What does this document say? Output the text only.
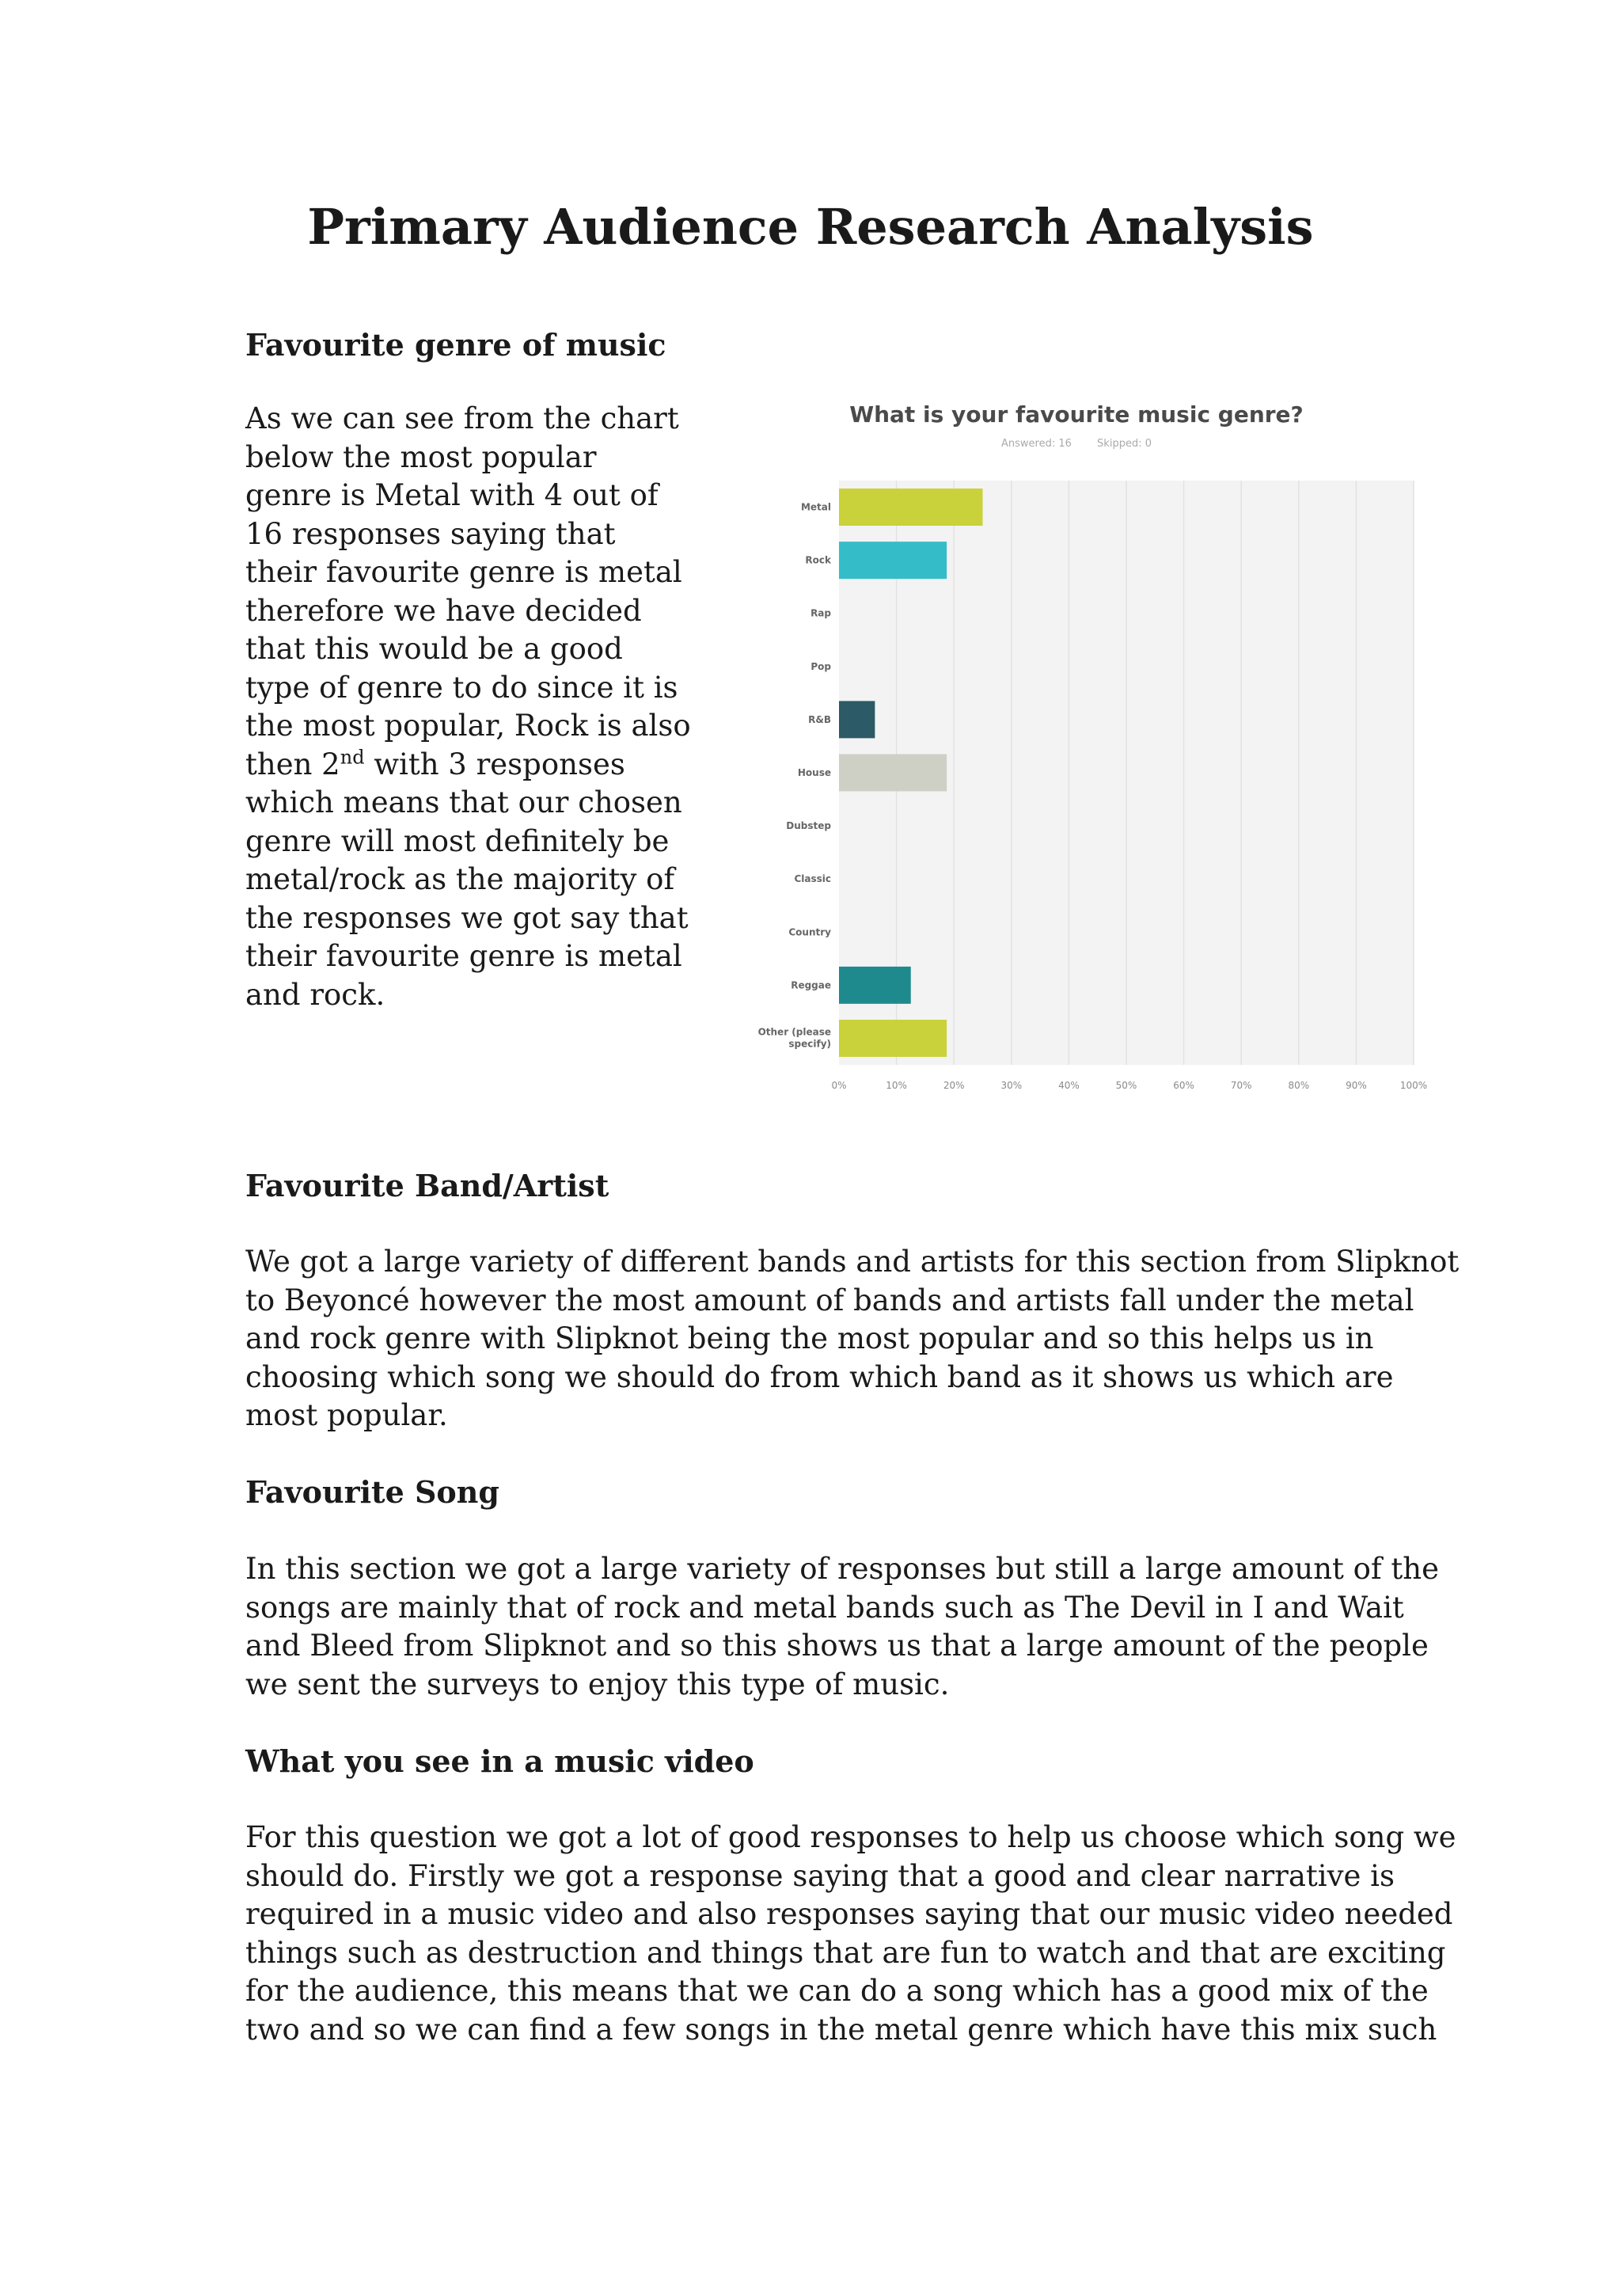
Primary Audience Research Analysis
Favourite genre of music
As we can see from the chart
below the most popular
genre is Metal with 4 out of
16 responses saying that
their favourite genre is metal
therefore we have decided
that this would be a good
type of genre to do since it is
the most popular, Rock is also
then 2nd with 3 responses
which means that our chosen
genre will most definitely be
metal/rock as the majority of
the responses we got say that
their favourite genre is metal
and rock.

What is your favourite music genre?

Answered: 16 Skipped: 0

0%	10%	20%	30%	40%	50%	60%	70%	80%	90%	100%
Metal
Rock
Rap
Pop
R&B
House
Dubstep
Classic
Country
Reggae
Other (please specify)
Favourite Band/Artist
We got a large variety of different bands and artists for this section from Slipknot
to Beyoncé however the most amount of bands and artists fall under the metal
and rock genre with Slipknot being the most popular and so this helps us in
choosing which song we should do from which band as it shows us which are
most popular.
Favourite Song
In this section we got a large variety of responses but still a large amount of the
songs are mainly that of rock and metal bands such as The Devil in I and Wait
and Bleed from Slipknot and so this shows us that a large amount of the people
we sent the surveys to enjoy this type of music.
What you see in a music video
For this question we got a lot of good responses to help us choose which song we
should do. Firstly we got a response saying that a good and clear narrative is
required in a music video and also responses saying that our music video needed
things such as destruction and things that are fun to watch and that are exciting
for the audience, this means that we can do a song which has a good mix of the
two and so we can find a few songs in the metal genre which have this mix such
